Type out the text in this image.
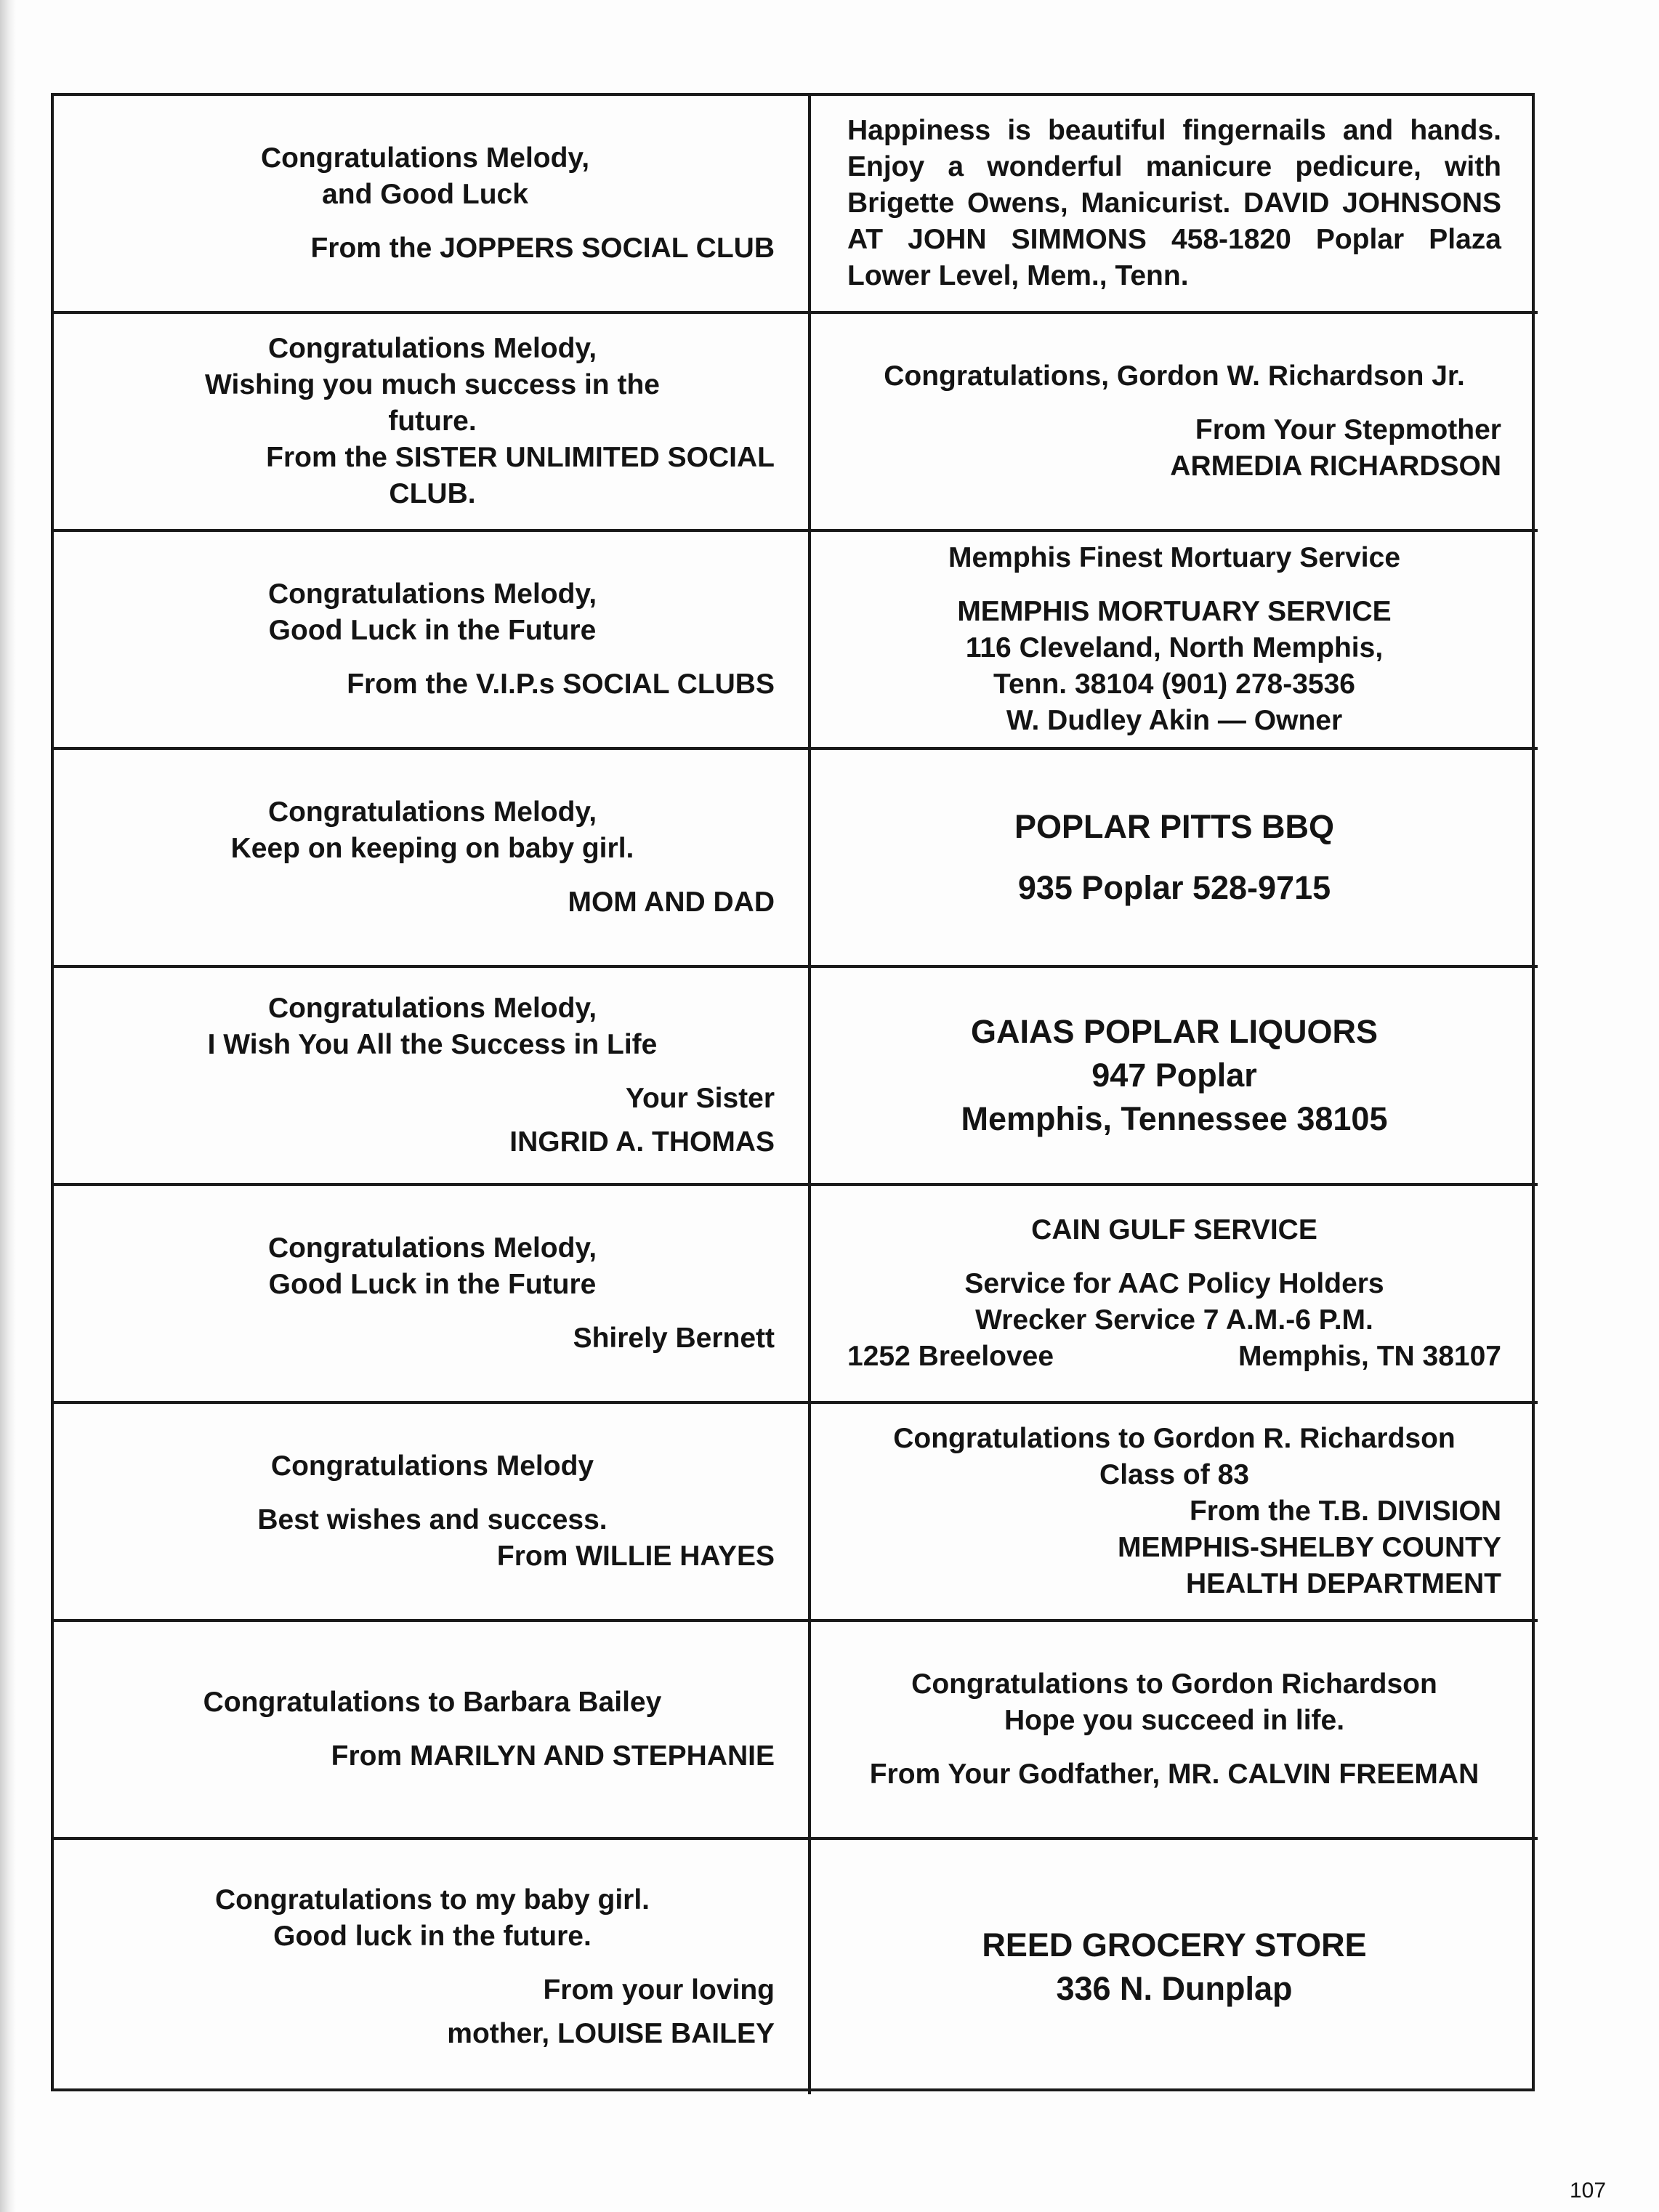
Congratulations Melody,

and Good Luck

From the JOPPERS SOCIAL CLUB

Happiness is beautiful fingernails and hands. Enjoy a wonderful manicure pedicure, with Brigette Owens, Manicurist. DAVID JOHNSONS AT JOHN SIMMONS 458-1820 Poplar Plaza Lower Level, Mem., Tenn.

Congratulations Melody,

Wishing you much success in the

future.

From the SISTER UNLIMITED SOCIAL

CLUB.

Congratulations, Gordon W. Richardson Jr.

From Your Stepmother

ARMEDIA RICHARDSON

Congratulations Melody,

Good Luck in the Future

From the V.I.P.s SOCIAL CLUBS

Memphis Finest Mortuary Service

MEMPHIS MORTUARY SERVICE

116 Cleveland, North Memphis,

Tenn. 38104 (901) 278-3536

W. Dudley Akin — Owner

Congratulations Melody,

Keep on keeping on baby girl.

MOM AND DAD

POPLAR PITTS BBQ

935 Poplar 528-9715

Congratulations Melody,

I Wish You All the Success in Life

Your Sister

INGRID A. THOMAS

GAIAS POPLAR LIQUORS

947 Poplar

Memphis, Tennessee 38105

Congratulations Melody,

Good Luck in the Future

Shirely Bernett

CAIN GULF SERVICE

Service for AAC Policy Holders

Wrecker Service 7 A.M.-6 P.M.

1252 Breelovee	Memphis, TN 38107

Congratulations Melody

Best wishes and success.

From WILLIE HAYES

Congratulations to Gordon R. Richardson

Class of 83

From the T.B. DIVISION

MEMPHIS-SHELBY COUNTY

HEALTH DEPARTMENT

Congratulations to Barbara Bailey

From MARILYN AND STEPHANIE

Congratulations to Gordon Richardson

Hope you succeed in life.

From Your Godfather, MR. CALVIN FREEMAN

Congratulations to my baby girl.

Good luck in the future.

From your loving

mother, LOUISE BAILEY

REED GROCERY STORE

336 N. Dunplap

107
